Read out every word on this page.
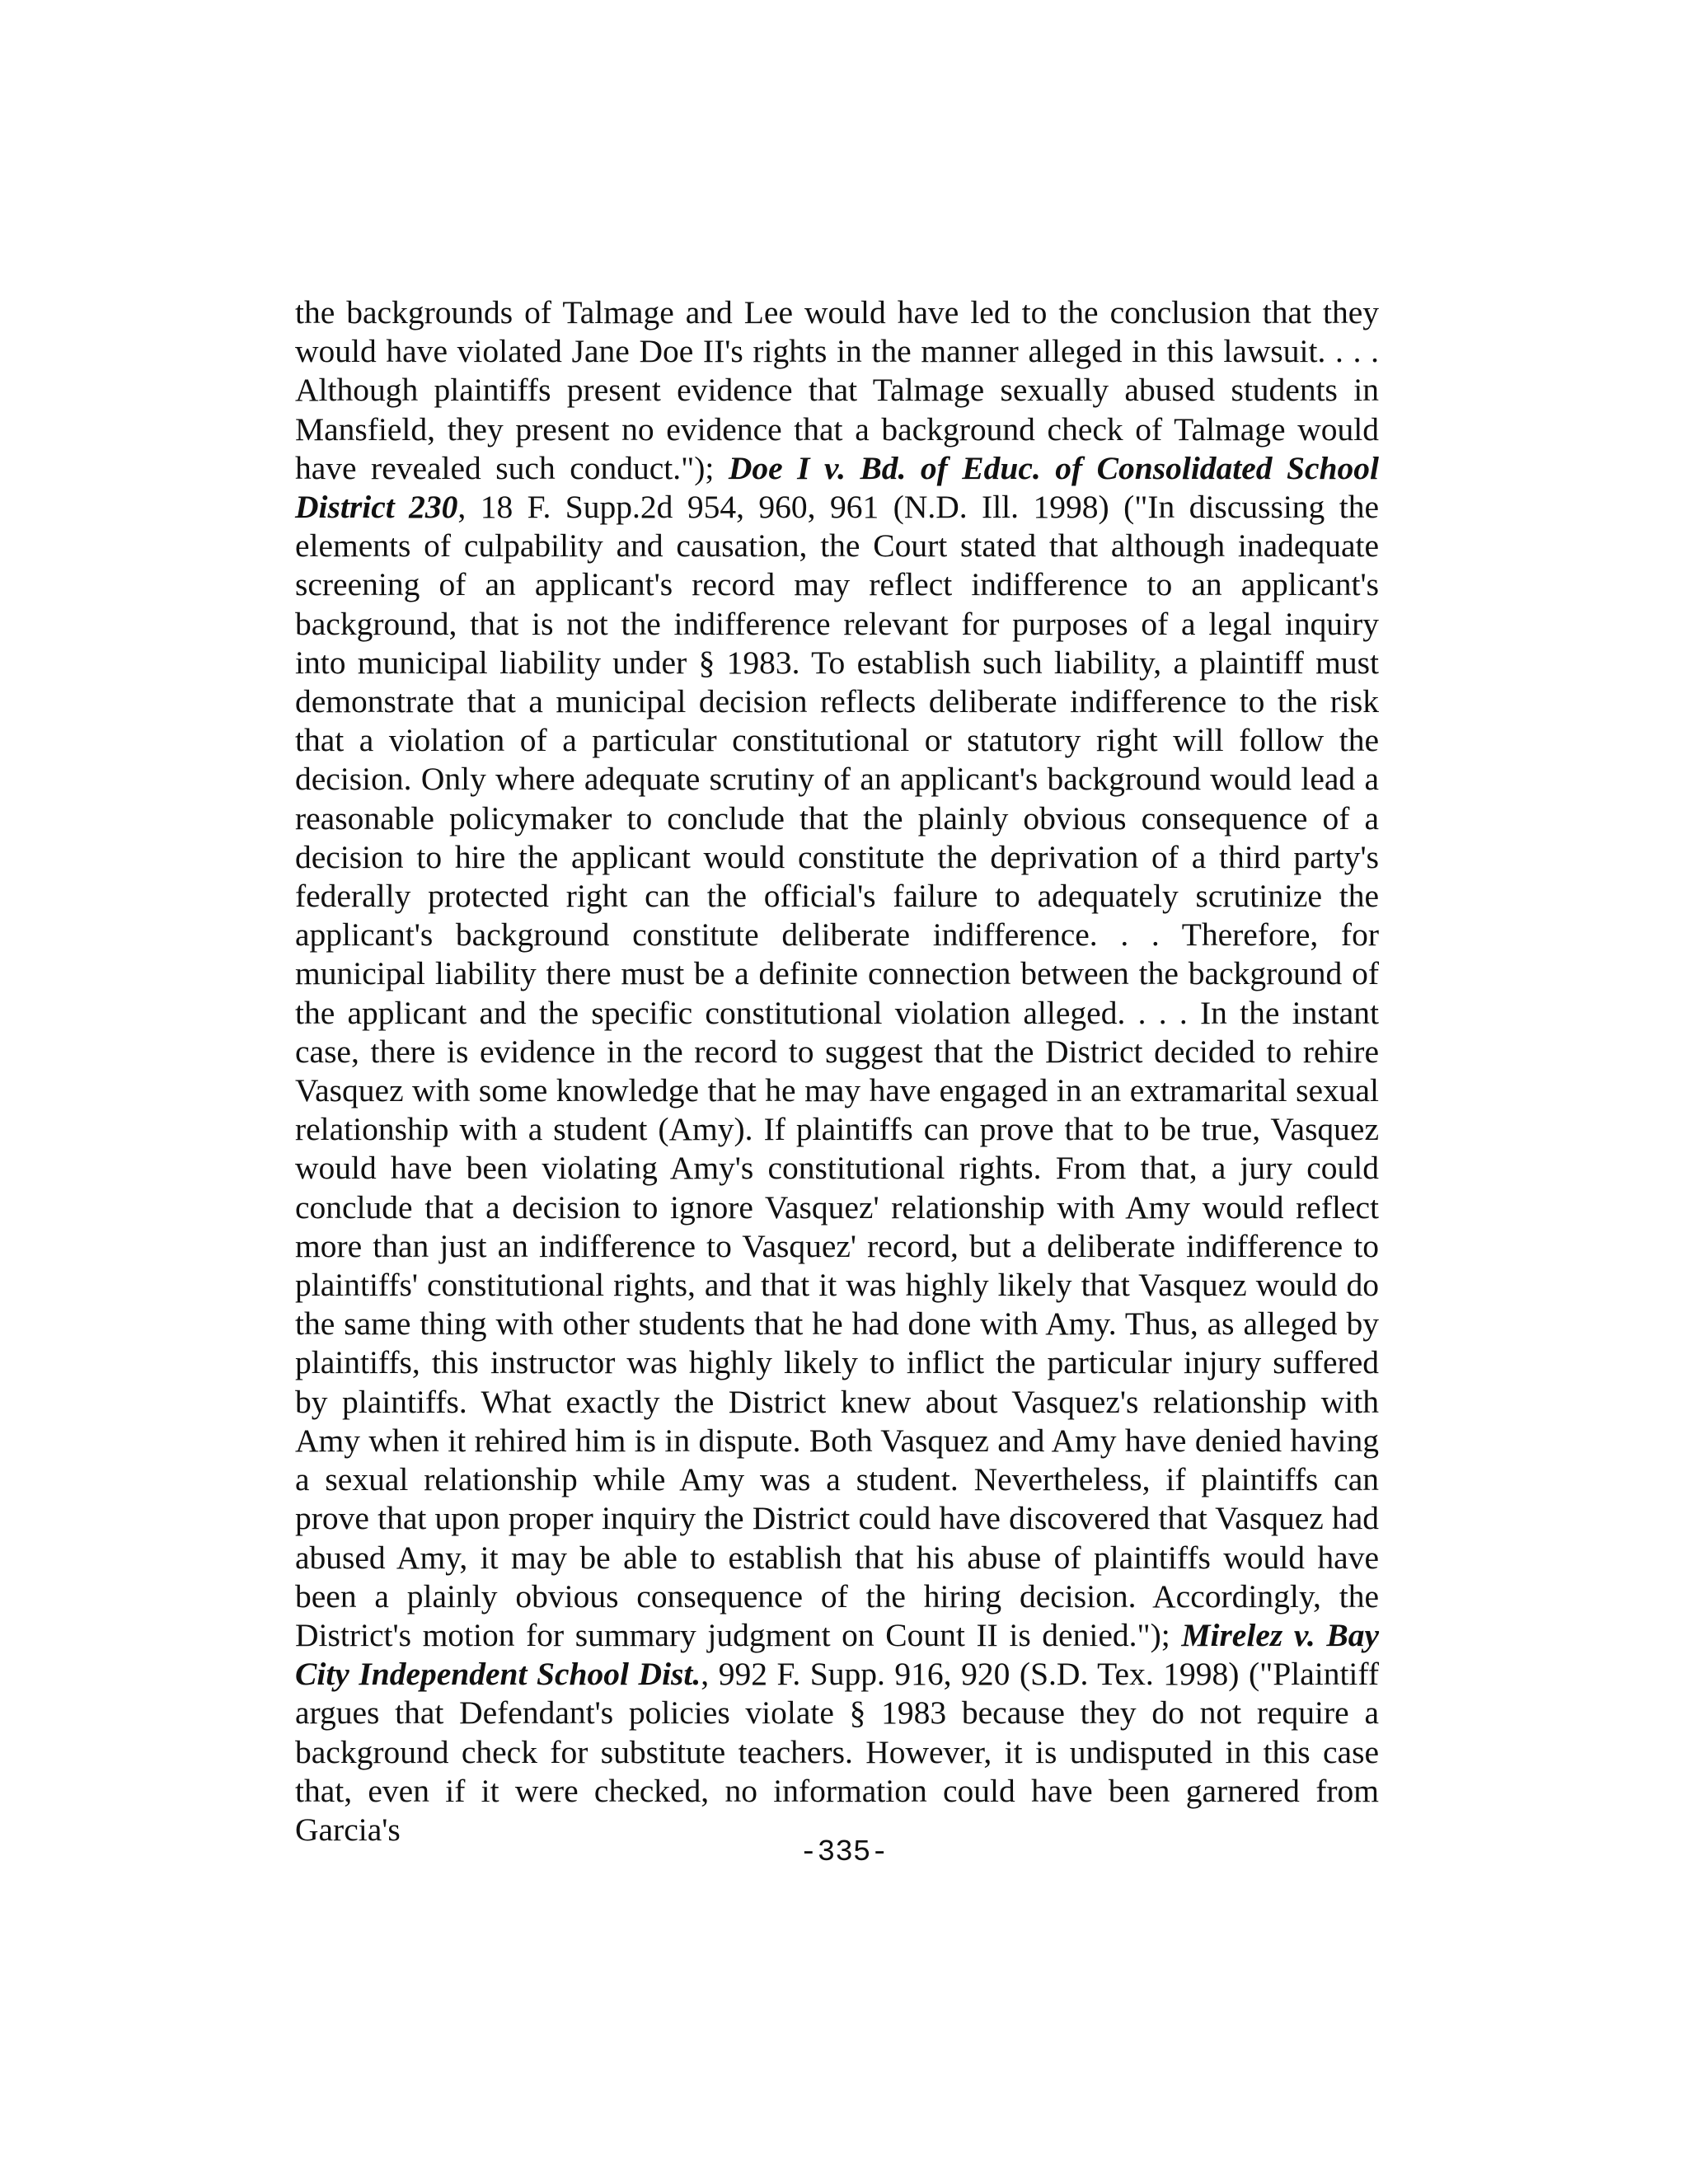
the backgrounds of Talmage and Lee would have led to the conclusion that they would have violated Jane Doe II's rights in the manner alleged in this lawsuit. . . . Although plaintiffs present evidence that Talmage sexually abused students in Mansfield, they present no evidence that a background check of Talmage would have revealed such conduct."); Doe I v. Bd. of Educ. of Consolidated School District 230, 18 F. Supp.2d 954, 960, 961 (N.D. Ill. 1998) ("In discussing the elements of culpability and causation, the Court stated that although inadequate screening of an applicant's record may reflect indifference to an applicant's background, that is not the indifference relevant for purposes of a legal inquiry into municipal liability under § 1983. To establish such liability, a plaintiff must demonstrate that a municipal decision reflects deliberate indifference to the risk that a violation of a particular constitutional or statutory right will follow the decision. Only where adequate scrutiny of an applicant's background would lead a reasonable policymaker to conclude that the plainly obvious consequence of a decision to hire the applicant would constitute the deprivation of a third party's federally protected right can the official's failure to adequately scrutinize the applicant's background constitute deliberate indifference. . . Therefore, for municipal liability there must be a definite connection between the background of the applicant and the specific constitutional violation alleged. . . . In the instant case, there is evidence in the record to suggest that the District decided to rehire Vasquez with some knowledge that he may have engaged in an extramarital sexual relationship with a student (Amy). If plaintiffs can prove that to be true, Vasquez would have been violating Amy's constitutional rights. From that, a jury could conclude that a decision to ignore Vasquez' relationship with Amy would reflect more than just an indifference to Vasquez' record, but a deliberate indifference to plaintiffs' constitutional rights, and that it was highly likely that Vasquez would do the same thing with other students that he had done with Amy. Thus, as alleged by plaintiffs, this instructor was highly likely to inflict the particular injury suffered by plaintiffs. What exactly the District knew about Vasquez's relationship with Amy when it rehired him is in dispute. Both Vasquez and Amy have denied having a sexual relationship while Amy was a student. Nevertheless, if plaintiffs can prove that upon proper inquiry the District could have discovered that Vasquez had abused Amy, it may be able to establish that his abuse of plaintiffs would have been a plainly obvious consequence of the hiring decision. Accordingly, the District's motion for summary judgment on Count II is denied."); Mirelez v. Bay City Independent School Dist., 992 F. Supp. 916, 920 (S.D. Tex. 1998) ("Plaintiff argues that Defendant's policies violate § 1983 because they do not require a background check for substitute teachers. However, it is undisputed in this case that, even if it were checked, no information could have been garnered from Garcia's

-335-
